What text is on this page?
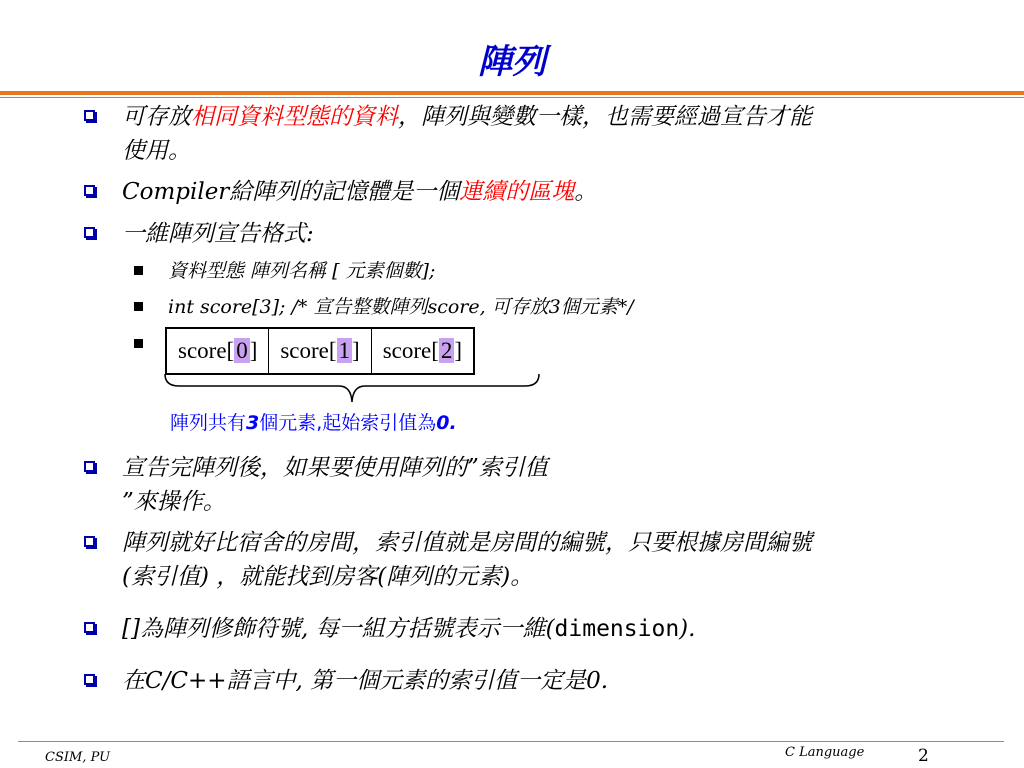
陣列
可存放相同資料型態的資料，陣列與變數一樣，也需要經過宣告才能
使用。
Compiler給陣列的記憶體是一個連續的區塊。
一維陣列宣告格式:
資料型態 陣列名稱 [ 元素個數];
int score[3]; /* 宣告整數陣列score, 可存放3個元素*/
score[0]	score[1]	score[2]
陣列共有3個元素,起始索引值為0.
宣告完陣列後，如果要使用陣列的”索引值
”來操作。
陣列就好比宿舍的房間，索引值就是房間的編號，只要根據房間編號
(索引值) ，就能找到房客(陣列的元素)。
[]為陣列修飾符號, 每一組方括號表示一維(dimension).
在C/C++語言中, 第一個元素的索引值一定是0.
CSIM, PU	C Language	2
